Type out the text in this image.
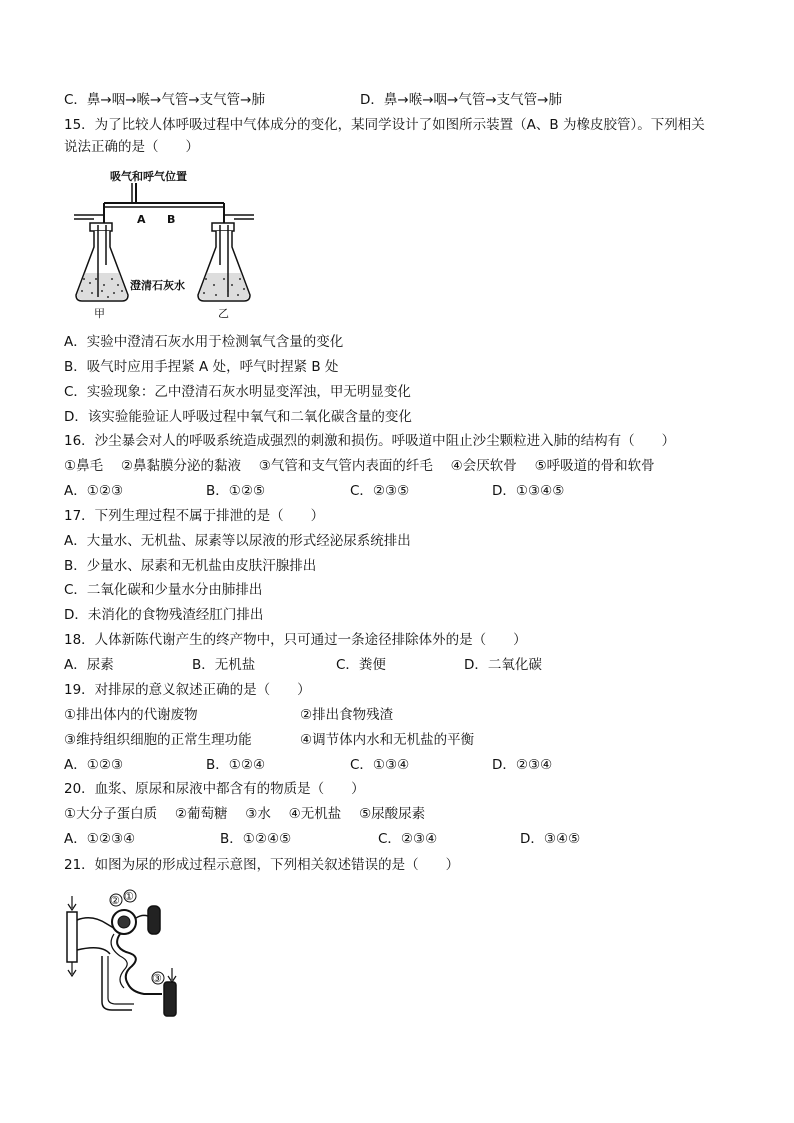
C．鼻→咽→喉→气管→支气管→肺	D．鼻→喉→咽→气管→支气管→肺
15．为了比较人体呼吸过程中气体成分的变化，某同学设计了如图所示装置（A、B 为橡皮胶管）。下列相关
说法正确的是（　　）
吸气和呼气位置
A B
澄清石灰水
甲	乙
A．实验中澄清石灰水用于检测氧气含量的变化
B．吸气时应用手捏紧 A 处，呼气时捏紧 B 处
C．实验现象：乙中澄清石灰水明显变浑浊，甲无明显变化
D．该实验能验证人呼吸过程中氧气和二氧化碳含量的变化
16．沙尘暴会对人的呼吸系统造成强烈的刺激和损伤。呼吸道中阻止沙尘颗粒进入肺的结构有（　　）
①鼻毛　 ②鼻黏膜分泌的黏液　 ③气管和支气管内表面的纤毛　 ④会厌软骨　 ⑤呼吸道的骨和软骨
A．①②③	B．①②⑤	C．②③⑤	D．①③④⑤
17．下列生理过程不属于排泄的是（　　）
A．大量水、无机盐、尿素等以尿液的形式经泌尿系统排出
B．少量水、尿素和无机盐由皮肤汗腺排出
C．二氧化碳和少量水分由肺排出
D．未消化的食物残渣经肛门排出
18．人体新陈代谢产生的终产物中，只可通过一条途径排除体外的是（　　）
A．尿素	B．无机盐	C．粪便	D．二氧化碳
19．对排尿的意义叙述正确的是（　　）
①排出体内的代谢废物	②排出食物残渣
③维持组织细胞的正常生理功能	④调节体内水和无机盐的平衡
A．①②③	B．①②④	C．①③④	D．②③④
20．血浆、原尿和尿液中都含有的物质是（　　）
①大分子蛋白质　 ②葡萄糖　 ③水　 ④无机盐　 ⑤尿酸尿素
A．①②③④	B．①②④⑤	C．②③④	D．③④⑤
21．如图为尿的形成过程示意图，下列相关叙述错误的是（　　）
② ①
③
